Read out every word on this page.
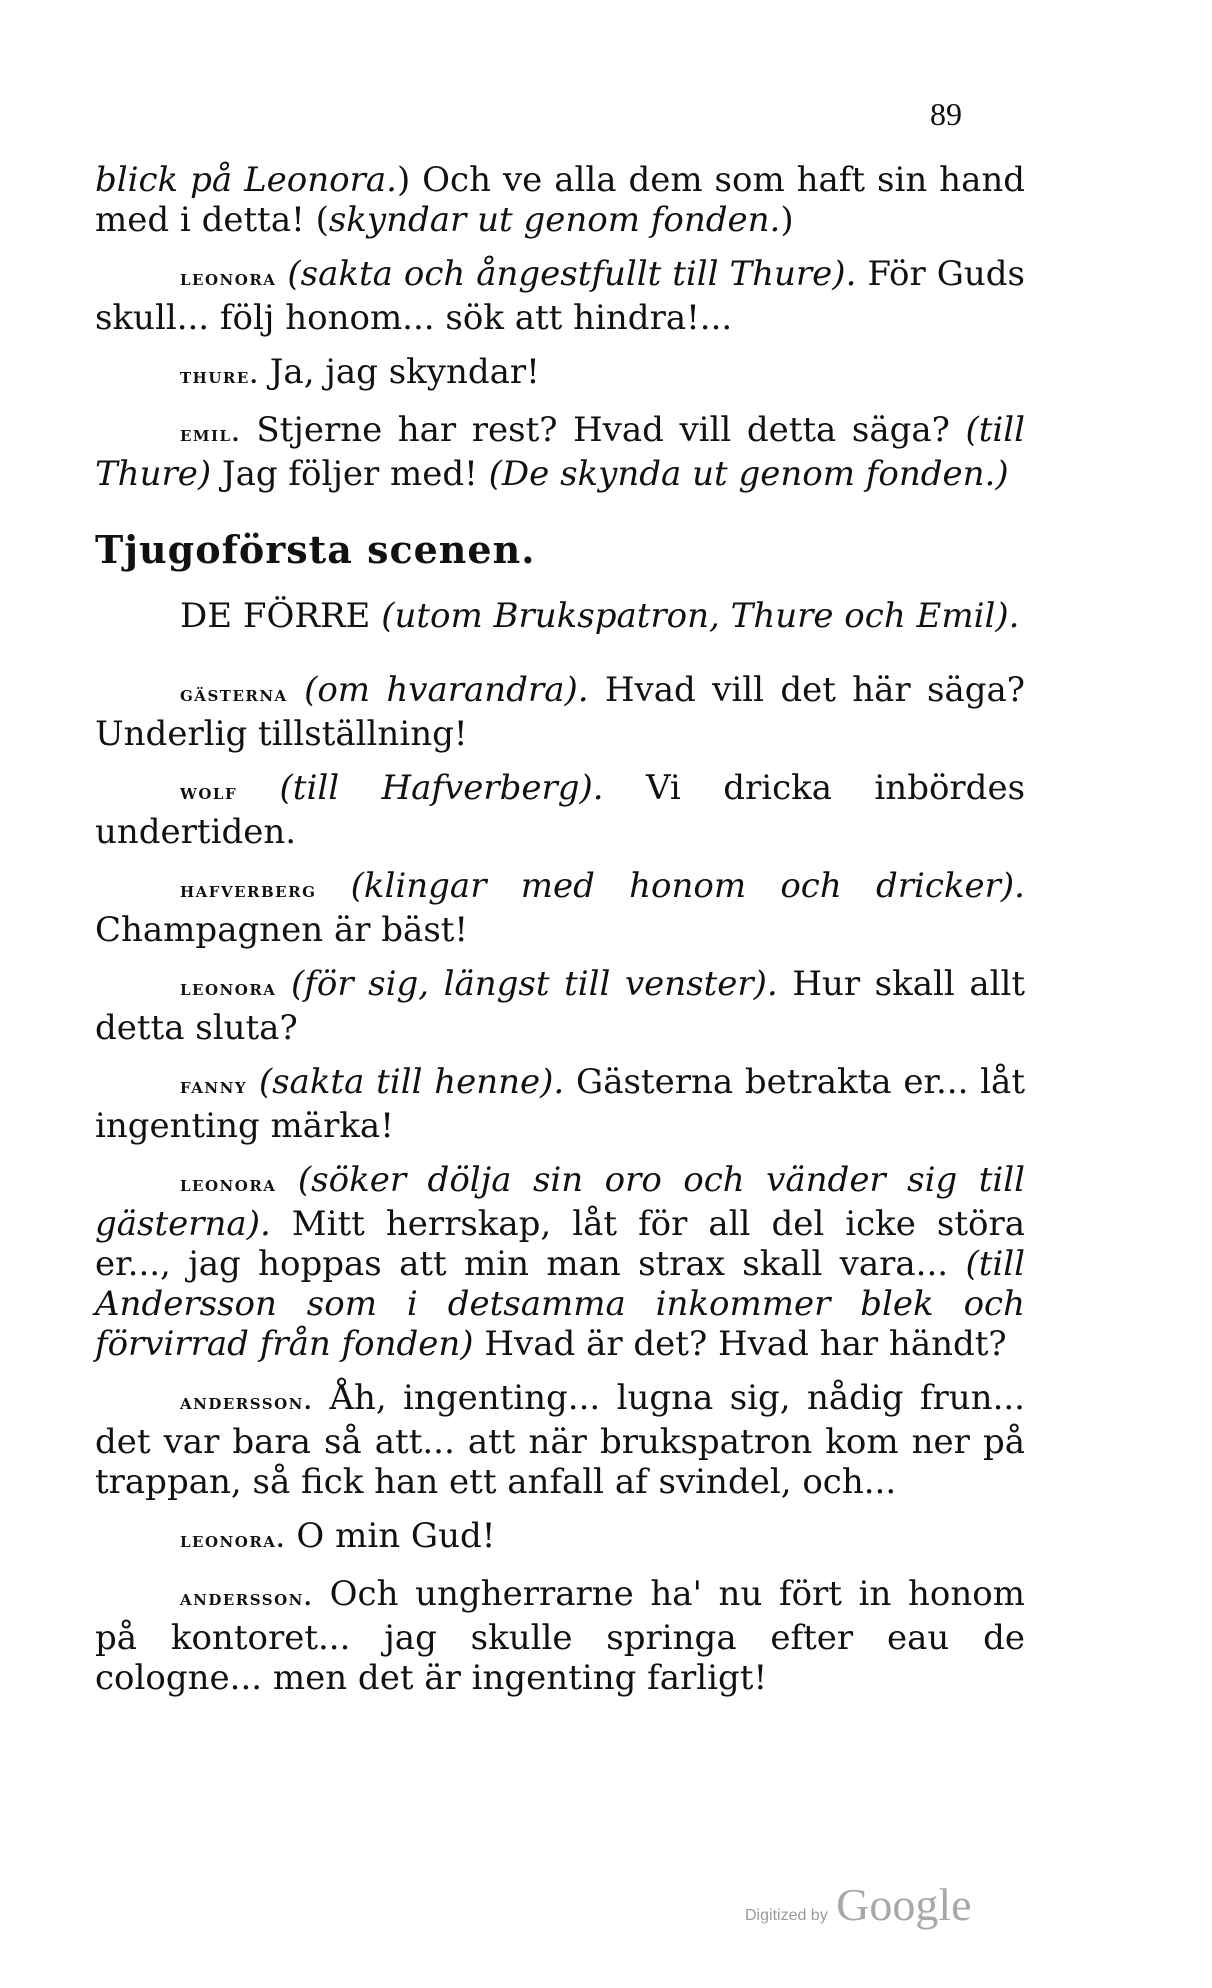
89

blick på Leonora.) Och ve alla dem som haft sin hand med i detta! (skyndar ut genom fonden.)

leonora (sakta och ångestfullt till Thure). För Guds skull... följ honom... sök att hindra!...

thure. Ja, jag skyndar!

emil. Stjerne har rest? Hvad vill detta säga? (till Thure) Jag följer med! (De skynda ut genom fonden.)

Tjugoförsta scenen.

DE FÖRRE (utom Brukspatron, Thure och Emil).

gästerna (om hvarandra). Hvad vill det här säga? Underlig tillställning!

wolf (till Hafverberg). Vi dricka inbördes undertiden.

hafverberg (klingar med honom och dricker). Champagnen är bäst!

leonora (för sig, längst till venster). Hur skall allt detta sluta?

fanny (sakta till henne). Gästerna betrakta er... låt ingenting märka!

leonora (söker dölja sin oro och vänder sig till gästerna). Mitt herrskap, låt för all del icke störa er..., jag hoppas att min man strax skall vara... (till Andersson som i detsamma inkommer blek och förvirrad från fonden) Hvad är det? Hvad har händt?

andersson. Åh, ingenting... lugna sig, nådig frun... det var bara så att... att när brukspatron kom ner på trappan, så fick han ett anfall af svindel, och...

leonora. O min Gud!

andersson. Och ungherrarne ha' nu fört in honom på kontoret... jag skulle springa efter eau de cologne... men det är ingenting farligt!

Digitized by Google
